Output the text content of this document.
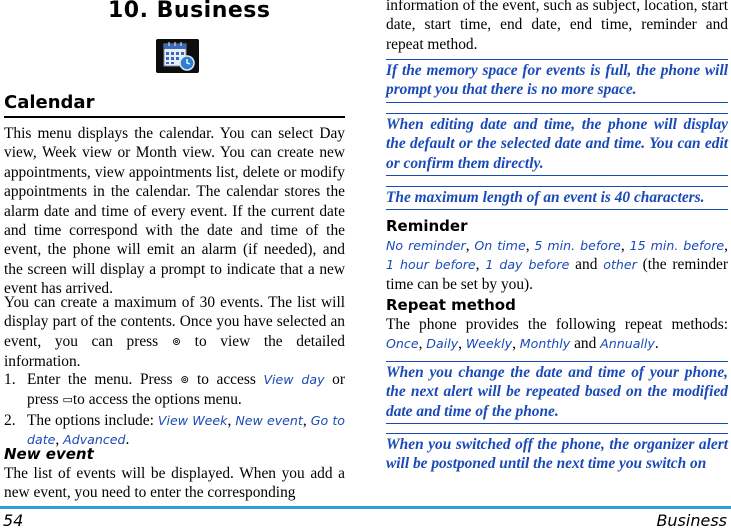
10. Business
Calendar
This menu displays the calendar. You can select Day view, Week view or Month view. You can create new appointments, view appointments list, delete or modify appointments in the calendar. The calendar stores the alarm date and time of every event. If the current date and time correspond with the date and time of the event, the phone will emit an alarm (if needed), and the screen will display a prompt to indicate that a new event has arrived.
You can create a maximum of 30 events. The list will display part of the contents. Once you have selected an event, you can press ⊚ to view the detailed information.
1. Enter the menu. Press ⊚ to access View day or press ▭to access the options menu.
2. The options include: View Week, New event, Go to date, Advanced.
New event
The list of events will be displayed. When you add a new event, you need to enter the corresponding
information of the event, such as subject, location, start date, start time, end date, end time, reminder and repeat method.
If the memory space for events is full, the phone will prompt you that there is no more space.
When editing date and time, the phone will display the default or the selected date and time. You can edit or confirm them directly.
The maximum length of an event is 40 characters.
Reminder
No reminder, On time, 5 min. before, 15 min. before, 1 hour before, 1 day before and other (the reminder time can be set by you).
Repeat method
The phone provides the following repeat methods: Once, Daily, Weekly, Monthly and Annually.
When you change the date and time of your phone, the next alert will be repeated based on the modified date and time of the phone.
When you switched off the phone, the organizer alert will be postponed until the next time you switch on
54	Business
